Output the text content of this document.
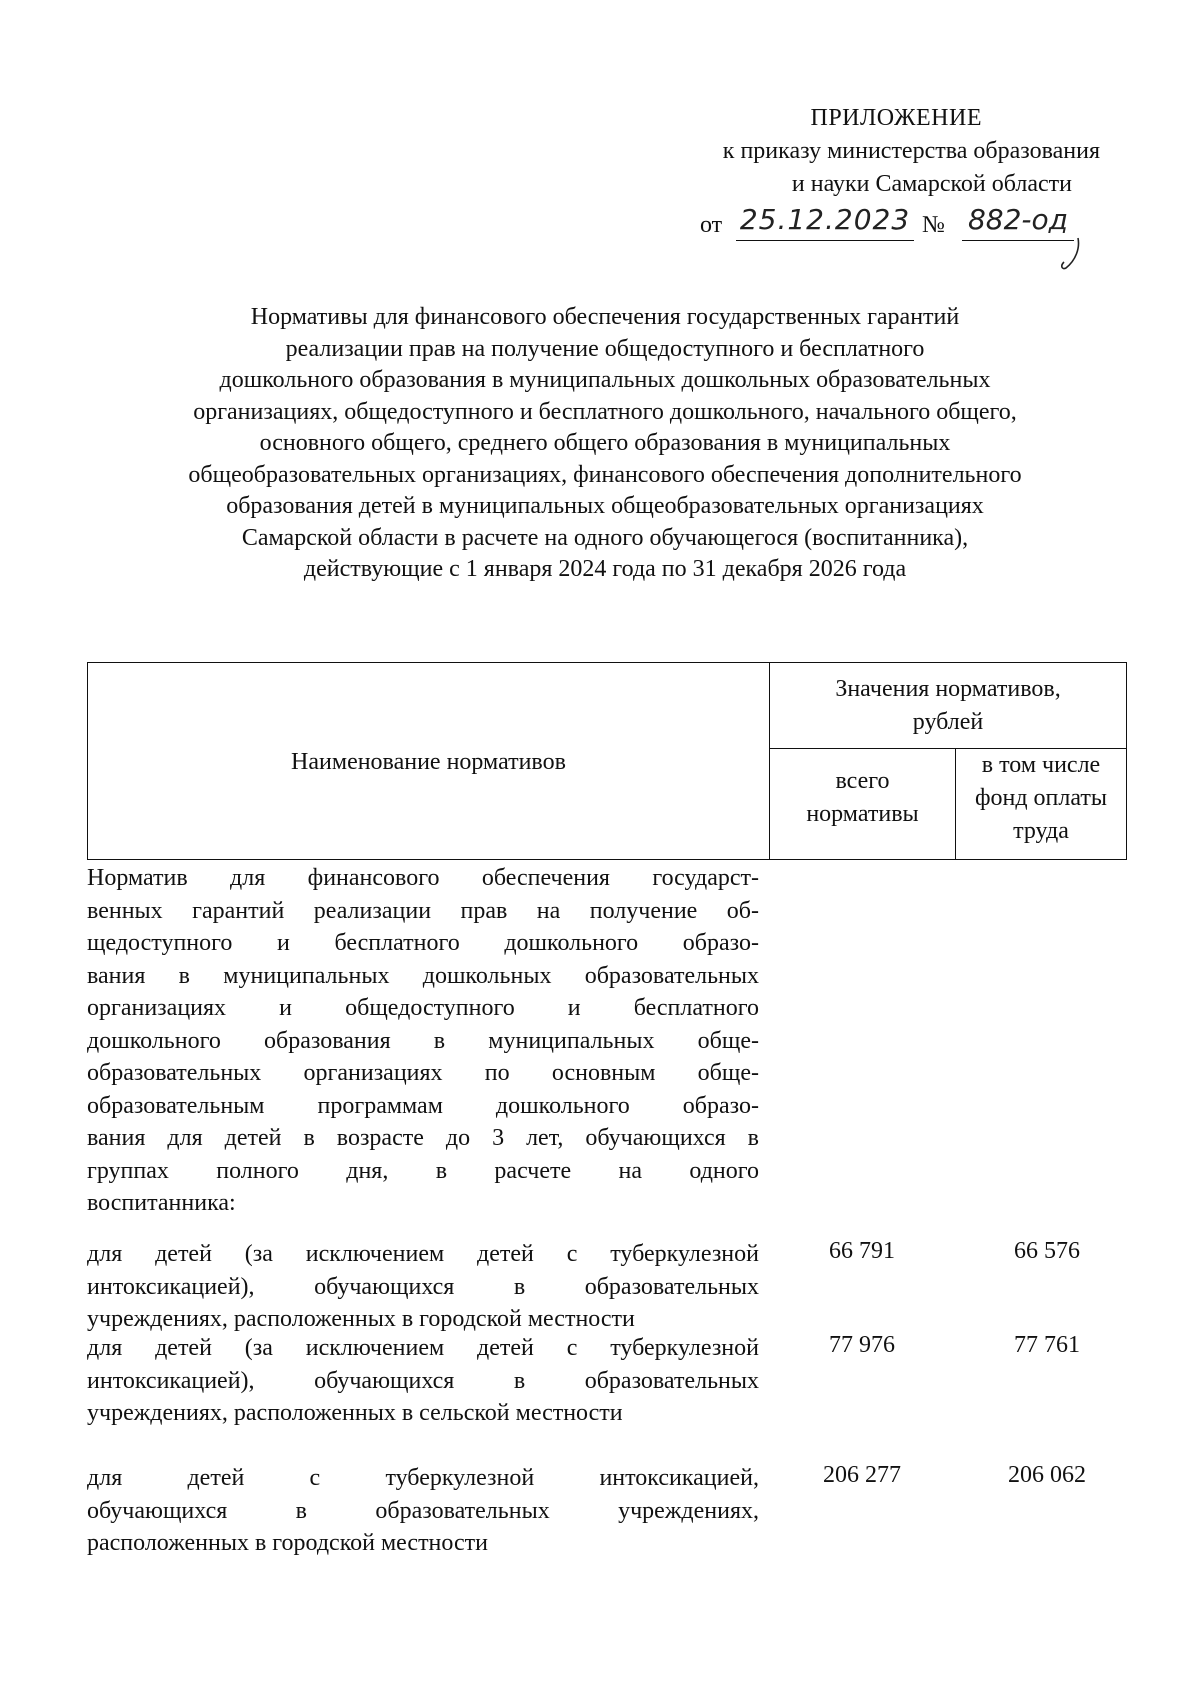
ПРИЛОЖЕНИЕ
к приказу министерства образования
и науки Самарской области
от 25.12.2023 № 882-од
Нормативы для финансового обеспечения государственных гарантий
реализации прав на получение общедоступного и бесплатного
дошкольного образования в муниципальных дошкольных образовательных
организациях, общедоступного и бесплатного дошкольного, начального общего,
основного общего, среднего общего образования в муниципальных
общеобразовательных организациях, финансового обеспечения дополнительного
образования детей в муниципальных общеобразовательных организациях
Самарской области в расчете на одного обучающегося (воспитанника),
действующие с 1 января 2024 года по 31 декабря 2026 года
Наименование нормативов
Значения нормативов,
рублей
всего
нормативы
в том числе
фонд оплаты
труда
Норматив для финансового обеспечения государст-
венных гарантий реализации прав на получение об-
щедоступного и бесплатного дошкольного образо-
вания в муниципальных дошкольных образовательных
организациях и общедоступного и бесплатного
дошкольного образования в муниципальных обще-
образовательных организациях по основным обще-
образовательным программам дошкольного образо-
вания для детей в возрасте до 3 лет, обучающихся в
группах полного дня, в расчете на одного
воспитанника:
для детей (за исключением детей с туберкулезной
интоксикацией), обучающихся в образовательных
учреждениях, расположенных в городской местности
66 791	66 576
для детей (за исключением детей с туберкулезной
интоксикацией), обучающихся в образовательных
учреждениях, расположенных в сельской местности
77 976	77 761
для детей с туберкулезной интоксикацией,
обучающихся в образовательных учреждениях,
расположенных в городской местности
206 277	206 062
